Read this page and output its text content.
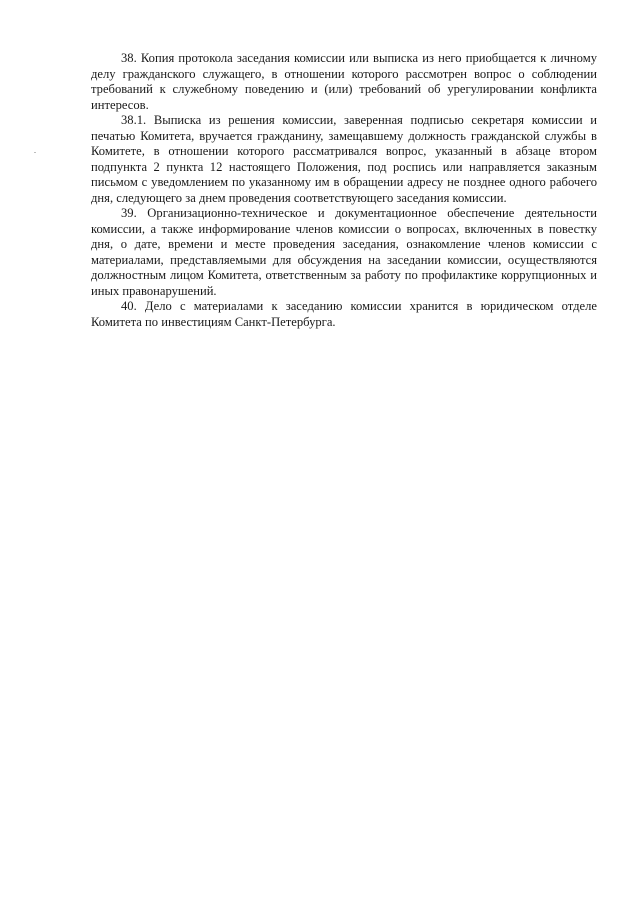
38. Копия протокола заседания комиссии или выписка из него приобщается к личному делу гражданского служащего, в отношении которого рассмотрен вопрос о соблюдении требований к служебному поведению и (или) требований об урегулировании конфликта интересов.

38.1. Выписка из решения комиссии, заверенная подписью секретаря комиссии и печатью Комитета, вручается гражданину, замещавшему должность гражданской службы в Комитете, в отношении которого рассматривался вопрос, указанный в абзаце втором подпункта 2 пункта 12 настоящего Положения, под роспись или направляется заказным письмом с уведомлением по указанному им в обращении адресу не позднее одного рабочего дня, следующего за днем проведения соответствующего заседания комиссии.

39. Организационно-техническое и документационное обеспечение деятельности комиссии, а также информирование членов комиссии о вопросах, включенных в повестку дня, о дате, времени и месте проведения заседания, ознакомление членов комиссии с материалами, представляемыми для обсуждения на заседании комиссии, осуществляются должностным лицом Комитета, ответственным за работу по профилактике коррупционных и иных правонарушений.

40. Дело с материалами к заседанию комиссии хранится в юридическом отделе Комитета по инвестициям Санкт-Петербурга.
